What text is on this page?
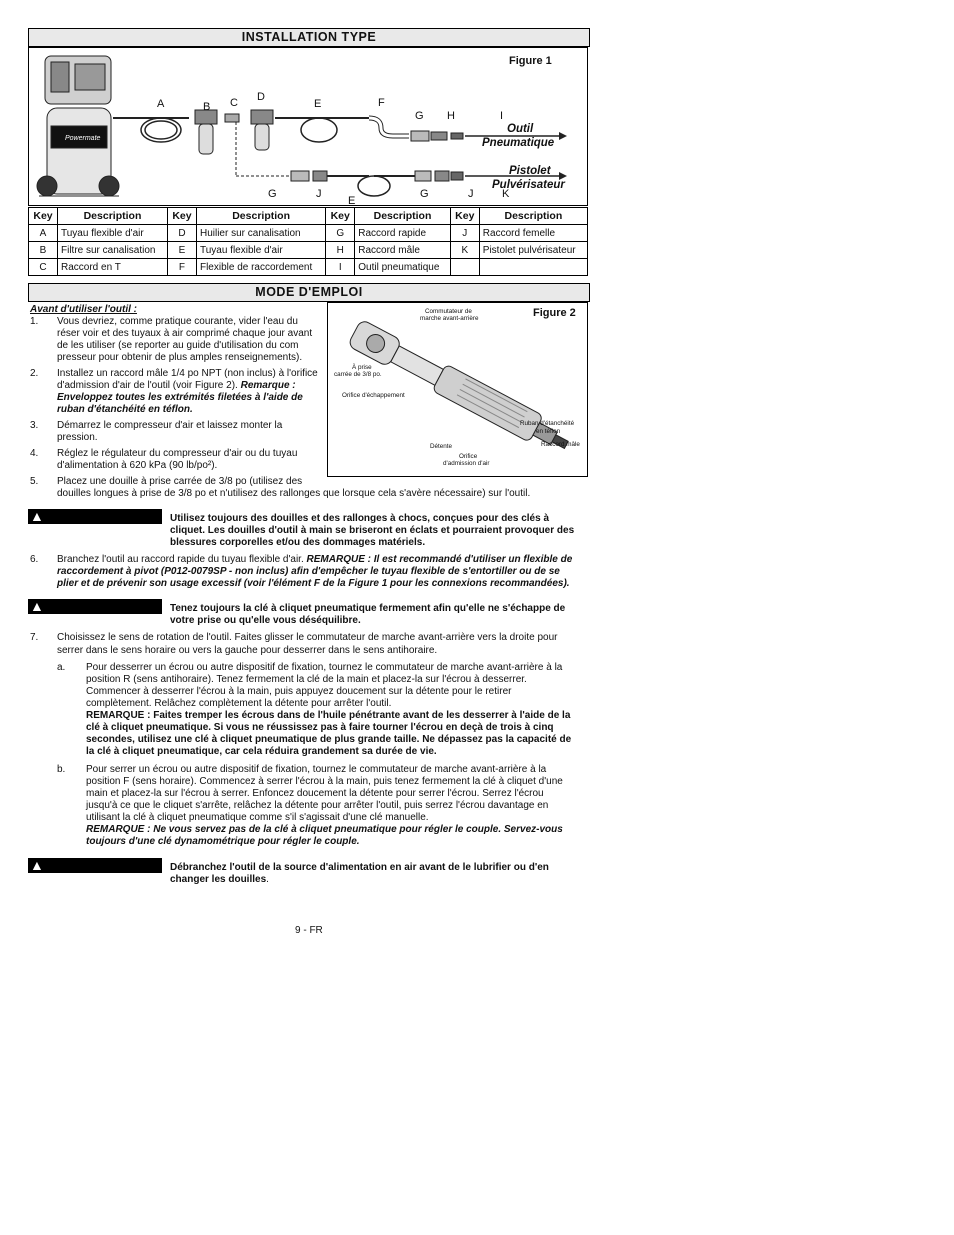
INSTALLATION TYPE
Powermate
Figure 1
A	B C D
E	F
G H	I
Outil
Pneumatique
Pistolet
Pulvérisateur
G	J
E
G	J	K
Key	Description	Key	Description	Key	Description	Key	Description
A	Tuyau flexible d'air	D	Huilier sur canalisation	G	Raccord rapide	J	Raccord femelle
B	Filtre sur canalisation	E	Tuyau flexible d'air	H	Raccord mâle	K	Pistolet pulvérisateur
C	Raccord en T	F	Flexible de raccordement	I	Outil pneumatique		
MODE D'EMPLOI
Avant d'utiliser l'outil :
1. Vous devriez, comme pratique courante, vider l'eau du
réser voir et des tuyaux à air comprimé chaque jour avant
de les utiliser (se reporter au guide d'utilisation du com
presseur pour obtenir de plus amples renseignements).
2. Installez un raccord mâle 1/4 po NPT (non inclus) à l'orifice
d'admission d'air de l'outil (voir Figure 2). Remarque :
Enveloppez toutes les extrémités filetées à l'aide de
ruban d'étanchéité en téflon.
3. Démarrez le compresseur d'air et laissez monter la
pression.
4. Réglez le régulateur du compresseur d'air ou du tuyau
d'alimentation à 620 kPa (90 lb/po²).
Figure 2
Commutateur de
marche avant-arrière
À prise
carrée de 3/8 po.
Orifice d'échappement
Ruban d'étanchéité
en téflon
Raccord mâle
Détente
Orifice
d'admission d'air
5. Placez une douille à prise carrée de 3/8 po (utilisez des
douilles longues à prise de 3/8 po et n'utilisez des rallonges que lorsque cela s'avère nécessaire) sur l'outil.
▲AVERTISSEMENT
Utilisez toujours des douilles et des rallonges à chocs, conçues pour des clés à
cliquet. Les douilles d'outil à main se briseront en éclats et pourraient provoquer des
blessures corporelles et/ou des dommages matériels.
6. Branchez l'outil au raccord rapide du tuyau flexible d'air. REMARQUE : Il est recommandé d'utiliser un flexible de
raccordement à pivot (P012-0079SP - non inclus) afin d'empêcher le tuyau flexible de s'entortiller ou de se
plier et de prévenir son usage excessif (voir l'élément F de la Figure 1 pour les connexions recommandées).
▲AVERTISSEMENT
Tenez toujours la clé à cliquet pneumatique fermement afin qu'elle ne s'échappe de
votre prise ou qu'elle vous déséquilibre.
7. Choisissez le sens de rotation de l'outil. Faites glisser le commutateur de marche avant-arrière vers la droite pour
serrer dans le sens horaire ou vers la gauche pour desserrer dans le sens antihoraire.
a. Pour desserrer un écrou ou autre dispositif de fixation, tournez le commutateur de marche avant-arrière à la
position R (sens antihoraire). Tenez fermement la clé de la main et placez-la sur l'écrou à desserrer.
Commencer à desserrer l'écrou à la main, puis appuyez doucement sur la détente pour le retirer
complètement. Relâchez complètement la détente pour arrêter l'outil.
REMARQUE : Faites tremper les écrous dans de l'huile pénétrante avant de les desserrer à l'aide de la
clé à cliquet pneumatique. Si vous ne réussissez pas à faire tourner l'écrou en deçà de trois à cinq
secondes, utilisez une clé à cliquet pneumatique de plus grande taille. Ne dépassez pas la capacité de
la clé à cliquet pneumatique, car cela réduira grandement sa durée de vie.
b. Pour serrer un écrou ou autre dispositif de fixation, tournez le commutateur de marche avant-arrière à la
position F (sens horaire). Commencez à serrer l'écrou à la main, puis tenez fermement la clé à cliquet d'une
main et placez-la sur l'écrou à serrer. Enfoncez doucement la détente pour serrer l'écrou. Serrez l'écrou
jusqu'à ce que le cliquet s'arrête, relâchez la détente pour arrêter l'outil, puis serrez l'écrou davantage en
utilisant la clé à cliquet pneumatique comme s'il s'agissait d'une clé manuelle.
REMARQUE : Ne vous servez pas de la clé à cliquet pneumatique pour régler le couple. Servez-vous
toujours d'une clé dynamométrique pour régler le couple.
▲AVERTISSEMENT
Débranchez l'outil de la source d'alimentation en air avant de le lubrifier ou d'en
changer les douilles.
9 - FR
